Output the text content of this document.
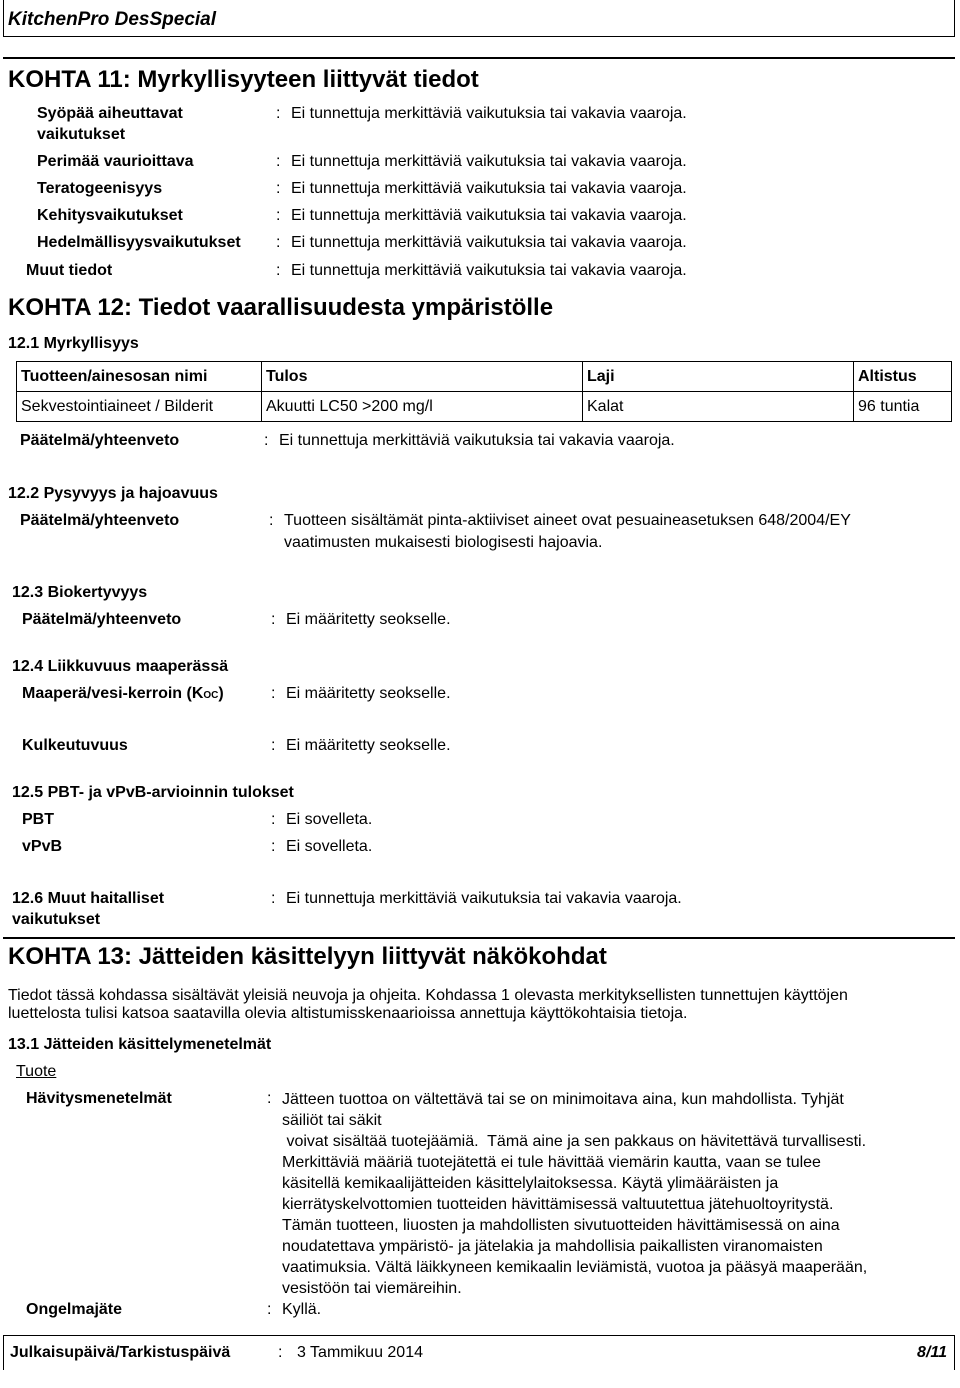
KitchenPro DesSpecial
KOHTA 11: Myrkyllisyyteen liittyvät tiedot
Syöpää aiheuttavat
vaikutukset
: Ei tunnettuja merkittäviä vaikutuksia tai vakavia vaaroja.
Perimää vaurioittava	: Ei tunnettuja merkittäviä vaikutuksia tai vakavia vaaroja.
Teratogeenisyys	: Ei tunnettuja merkittäviä vaikutuksia tai vakavia vaaroja.
Kehitysvaikutukset	: Ei tunnettuja merkittäviä vaikutuksia tai vakavia vaaroja.
Hedelmällisyysvaikutukset : Ei tunnettuja merkittäviä vaikutuksia tai vakavia vaaroja.
Muut tiedot	: Ei tunnettuja merkittäviä vaikutuksia tai vakavia vaaroja.
KOHTA 12: Tiedot vaarallisuudesta ympäristölle
12.1 Myrkyllisyys
Tuotteen/ainesosan nimi	Tulos	Laji	Altistus
Sekvestointiaineet / Bilderit	Akuutti LC50 >200 mg/l	Kalat	96 tuntia
Päätelmä/yhteenveto	: Ei tunnettuja merkittäviä vaikutuksia tai vakavia vaaroja.
12.2 Pysyvyys ja hajoavuus
Päätelmä/yhteenveto	: Tuotteen sisältämät pinta-aktiiviset aineet ovat pesuaineasetuksen 648/2004/EY
vaatimusten mukaisesti biologisesti hajoavia.
12.3 Biokertyvyys
Päätelmä/yhteenveto	: Ei määritetty seokselle.
12.4 Liikkuvuus maaperässä
Maaperä/vesi-kerroin (KOC)	: Ei määritetty seokselle.
Kulkeutuvuus	: Ei määritetty seokselle.
12.5 PBT- ja vPvB-arvioinnin tulokset
PBT	: Ei sovelleta.
vPvB	: Ei sovelleta.
12.6 Muut haitalliset
vaikutukset
: Ei tunnettuja merkittäviä vaikutuksia tai vakavia vaaroja.
KOHTA 13: Jätteiden käsittelyyn liittyvät näkökohdat
Tiedot tässä kohdassa sisältävät yleisiä neuvoja ja ohjeita. Kohdassa 1 olevasta merkityksellisten tunnettujen käyttöjen
luettelosta tulisi katsoa saatavilla olevia altistumisskenaarioissa annettuja käyttökohtaisia tietoja.
13.1 Jätteiden käsittelymenetelmät
Tuote
Hävitysmenetelmät	: Jätteen tuottoa on vältettävä tai se on minimoitava aina, kun mahdollista. Tyhjät
säiliöt tai säkit
voivat sisältää tuotejäämiä.  Tämä aine ja sen pakkaus on hävitettävä turvallisesti.
Merkittäviä määriä tuotejätettä ei tule hävittää viemärin kautta, vaan se tulee
käsitellä kemikaalijätteiden käsittelylaitoksessa. Käytä ylimääräisten ja
kierrätyskelvottomien tuotteiden hävittämisessä valtuutettua jätehuoltoyritystä.
Tämän tuotteen, liuosten ja mahdollisten sivutuotteiden hävittämisessä on aina
noudatettava ympäristö- ja jätelakia ja mahdollisia paikallisten viranomaisten
vaatimuksia. Vältä läikkyneen kemikaalin leviämistä, vuotoa ja pääsyä maaperään,
vesistöön tai viemäreihin.
Ongelmajäte	: Kyllä.
Julkaisupäivä/Tarkistuspäivä	: 3 Tammikuu 2014	8/11
